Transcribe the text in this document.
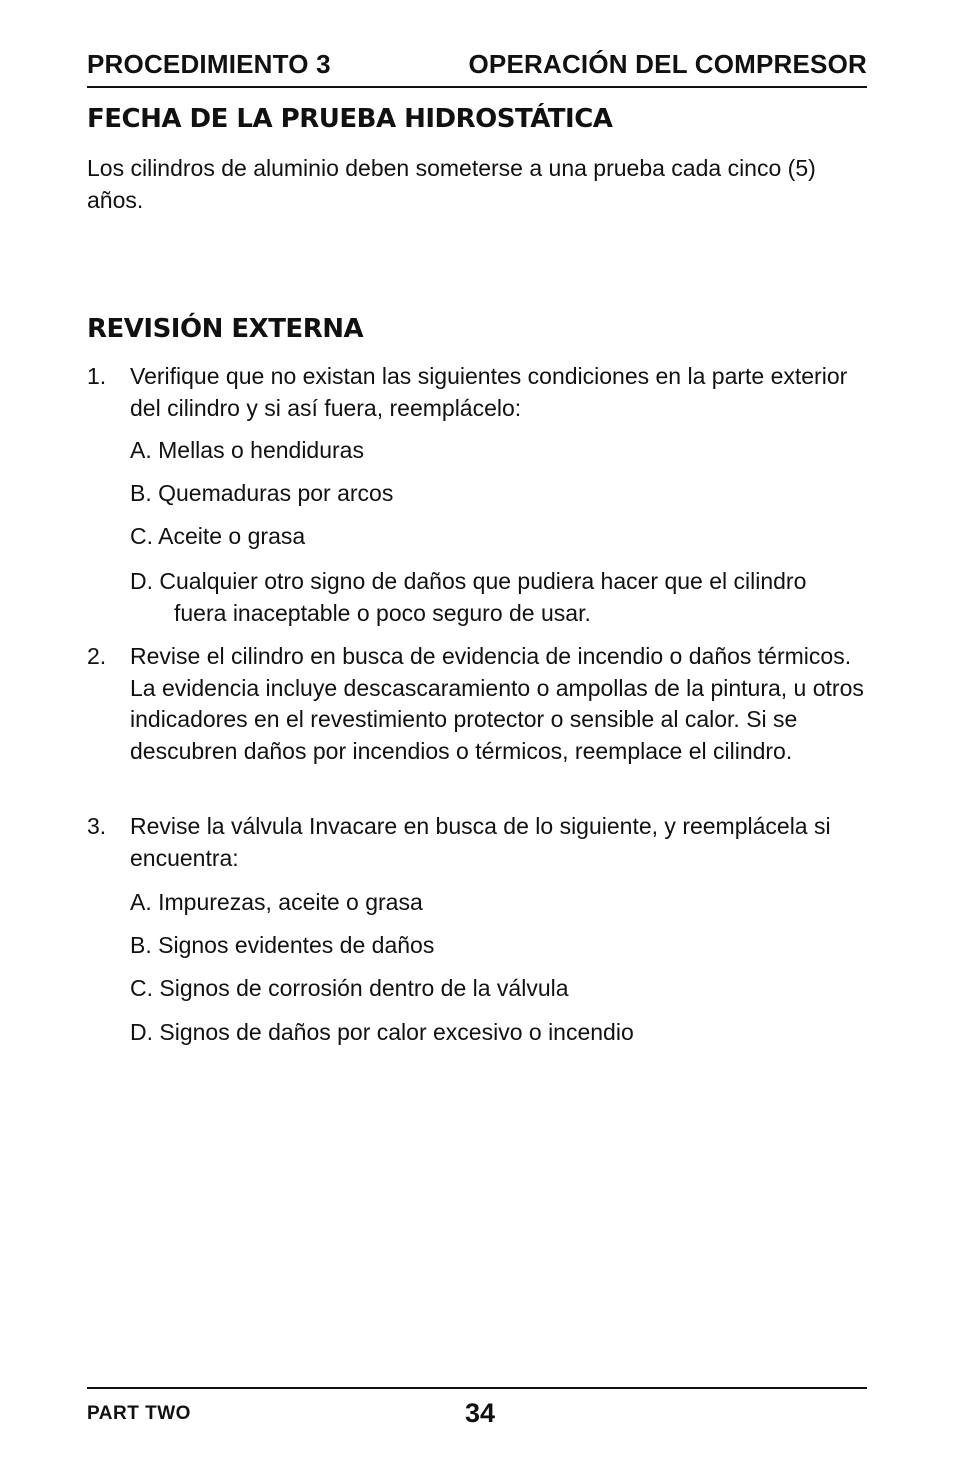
PROCEDIMIENTO 3	OPERACIÓN DEL COMPRESOR
FECHA DE LA PRUEBA HIDROSTÁTICA
Los cilindros de aluminio deben someterse a una prueba cada cinco (5) años.
REVISIÓN EXTERNA
1. Verifique que no existan las siguientes condiciones en la parte exterior del cilindro y si así fuera, reemplácelo:
A. Mellas o hendiduras
B. Quemaduras por arcos
C. Aceite o grasa
D. Cualquier otro signo de daños que pudiera hacer que el cilindro fuera inaceptable o poco seguro de usar.
2. Revise el cilindro en busca de evidencia de incendio o daños térmicos. La evidencia incluye descascaramiento o ampollas de la pintura, u otros indicadores en el revestimiento protector o sensible al calor. Si se descubren daños por incendios o térmicos, reemplace el cilindro.
3. Revise la válvula Invacare en busca de lo siguiente, y reemplácela si encuentra:
A. Impurezas, aceite o grasa
B. Signos evidentes de daños
C. Signos de corrosión dentro de la válvula
D. Signos de daños por calor excesivo o incendio
PART TWO	34
